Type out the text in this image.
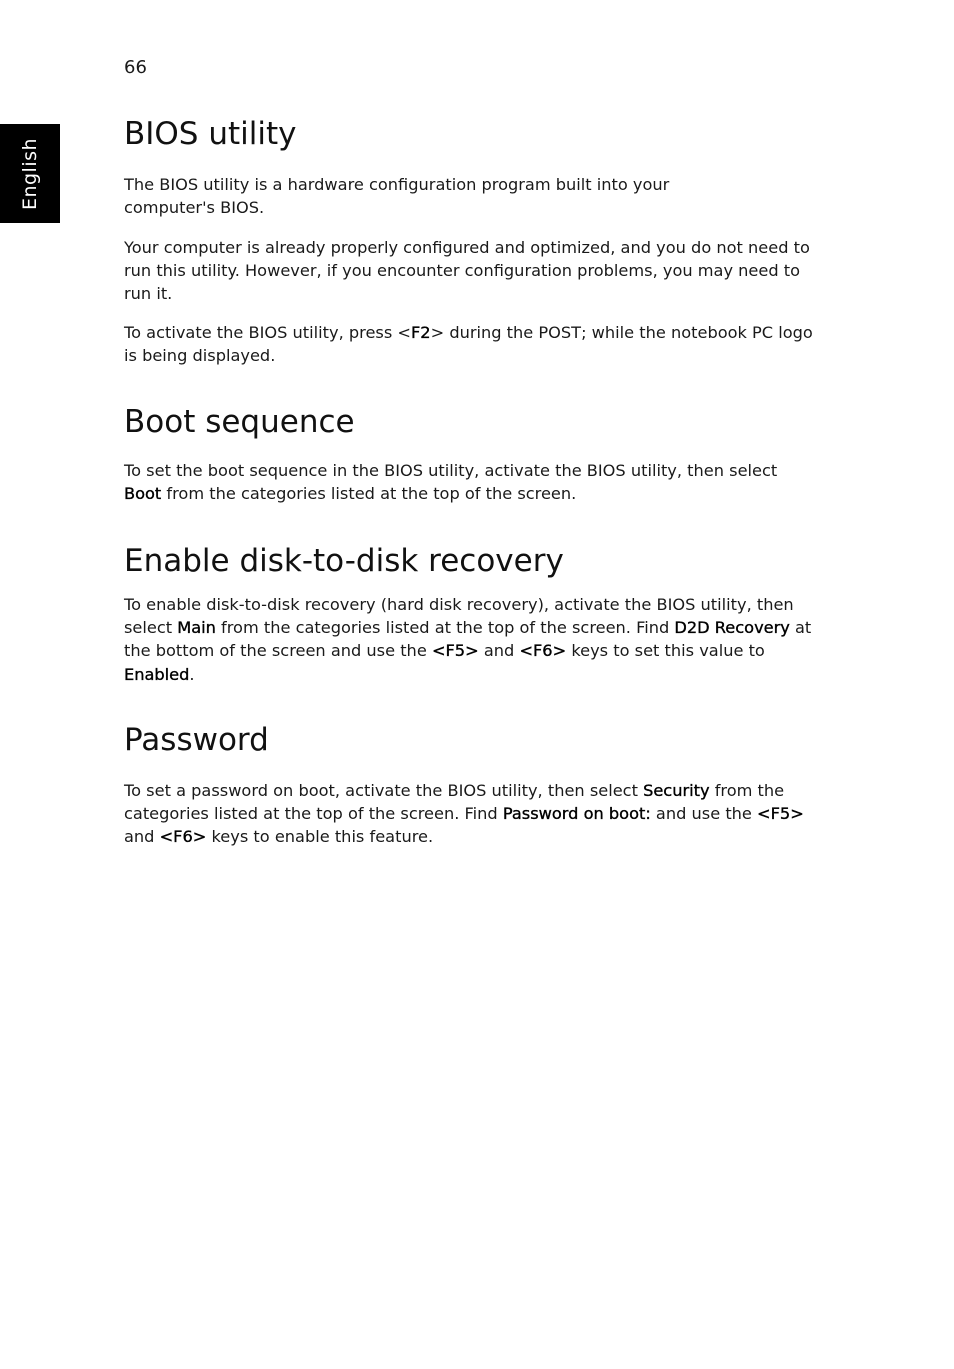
66
English
BIOS utility

The BIOS utility is a hardware configuration program built into your computer's BIOS.

Your computer is already properly configured and optimized, and you do not need to run this utility. However, if you encounter configuration problems, you may need to run it.

To activate the BIOS utility, press <F2> during the POST; while the notebook PC logo is being displayed.

Boot sequence

To set the boot sequence in the BIOS utility, activate the BIOS utility, then select Boot from the categories listed at the top of the screen.

Enable disk-to-disk recovery

To enable disk-to-disk recovery (hard disk recovery), activate the BIOS utility, then select Main from the categories listed at the top of the screen. Find D2D Recovery at the bottom of the screen and use the <F5> and <F6> keys to set this value to Enabled.

Password

To set a password on boot, activate the BIOS utility, then select Security from the categories listed at the top of the screen. Find Password on boot: and use the <F5> and <F6> keys to enable this feature.
